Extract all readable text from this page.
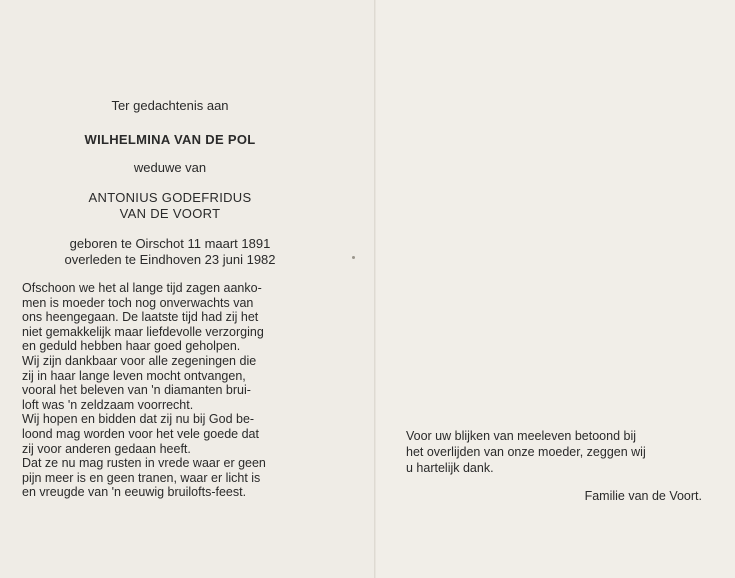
Ter gedachtenis aan
WILHELMINA VAN DE POL
weduwe van
ANTONIUS GODEFRIDUS
VAN DE VOORT
geboren te Oirschot 11 maart 1891
overleden te Eindhoven 23 juni 1982
Ofschoon we het al lange tijd zagen aanko-
men is moeder toch nog onverwachts van
ons heengegaan. De laatste tijd had zij het
niet gemakkelijk maar liefdevolle verzorging
en geduld hebben haar goed geholpen.
Wij zijn dankbaar voor alle zegeningen die
zij in haar lange leven mocht ontvangen,
vooral het beleven van 'n diamanten brui-
loft was 'n zeldzaam voorrecht.
Wij hopen en bidden dat zij nu bij God be-
loond mag worden voor het vele goede dat
zij voor anderen gedaan heeft.
Dat ze nu mag rusten in vrede waar er geen
pijn meer is en geen tranen, waar er licht is
en vreugde van 'n eeuwig bruilofts-feest.
Voor uw blijken van meeleven betoond bij
het overlijden van onze moeder, zeggen wij
u hartelijk dank.
Familie van de Voort.
